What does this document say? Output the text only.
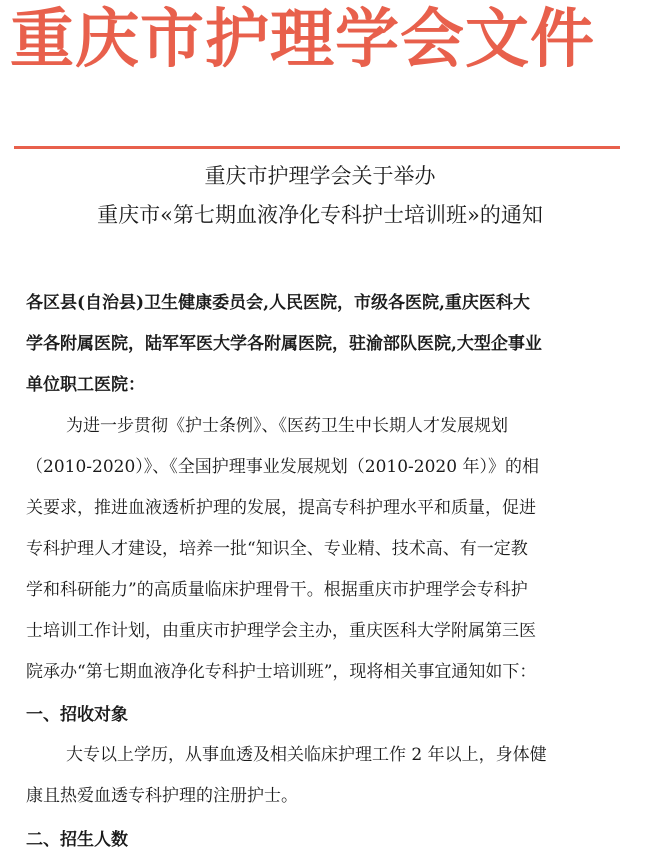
重庆市护理学会文件
重庆市护理学会关于举办
重庆市«第七期血液净化专科护士培训班»的通知
各区县(自治县)卫生健康委员会,人民医院，市级各医院,重庆医科大
学各附属医院，陆军军医大学各附属医院，驻渝部队医院,大型企事业
单位职工医院：
为进一步贯彻《护士条例》、《医药卫生中长期人才发展规划
（2010-2020）》、《全国护理事业发展规划（2010-2020 年）》的相
关要求，推进血液透析护理的发展，提高专科护理水平和质量，促进
专科护理人才建设，培养一批“知识全、专业精、技术高、有一定教
学和科研能力”的高质量临床护理骨干。根据重庆市护理学会专科护
士培训工作计划，由重庆市护理学会主办，重庆医科大学附属第三医
院承办“第七期血液净化专科护士培训班”，现将相关事宜通知如下：
一、招收对象
大专以上学历，从事血透及相关临床护理工作 2 年以上，身体健
康且热爱血透专科护理的注册护士。
二、招生人数
